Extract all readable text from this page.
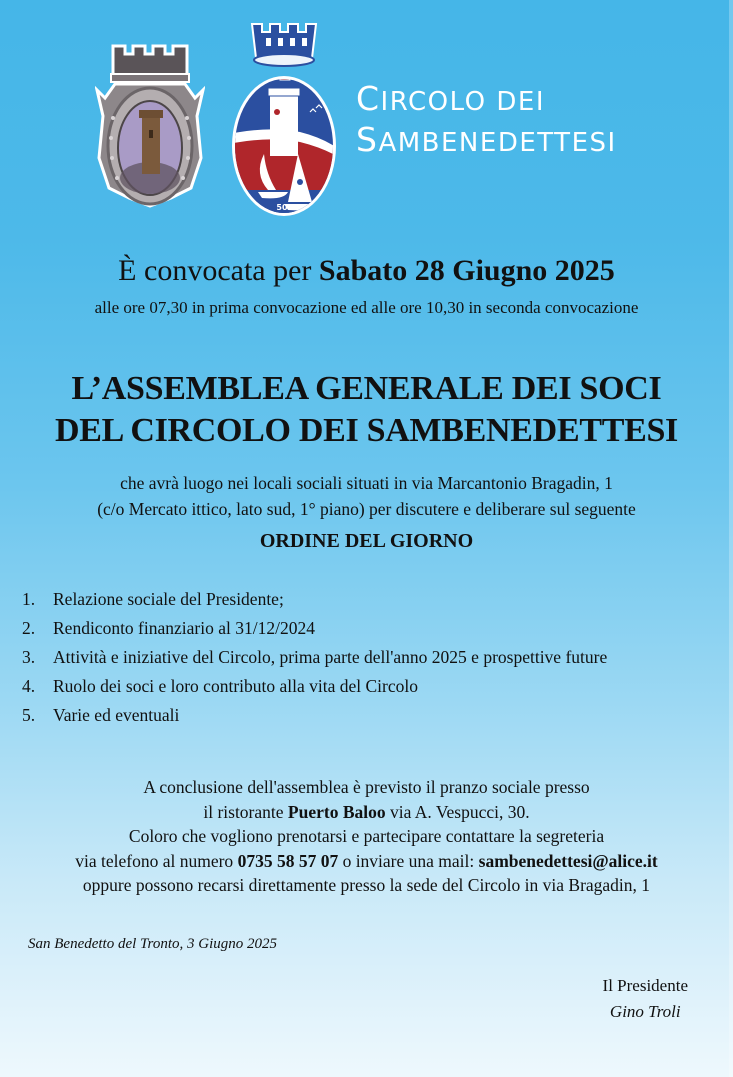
50°
CIRCOLO DEI
SAMBENEDETTESI
È convocata per Sabato 28 Giugno 2025
alle ore 07,30 in prima convocazione ed alle ore 10,30 in seconda convocazione
L’ASSEMBLEA GENERALE DEI SOCI
DEL CIRCOLO DEI SAMBENEDETTESI
che avrà luogo nei locali sociali situati in via Marcantonio Bragadin, 1
(c/o Mercato ittico, lato sud, 1° piano) per discutere e deliberare sul seguente
ORDINE DEL GIORNO
1. Relazione sociale del Presidente;
2. Rendiconto finanziario al 31/12/2024
3. Attività e iniziative del Circolo, prima parte dell'anno 2025 e prospettive future
4. Ruolo dei soci e loro contributo alla vita del Circolo
5. Varie ed eventuali
A conclusione dell'assemblea è previsto il pranzo sociale presso
il ristorante Puerto Baloo via A. Vespucci, 30.
Coloro che vogliono prenotarsi e partecipare contattare la segreteria
via telefono al numero 0735 58 57 07 o inviare una mail: sambenedettesi@alice.it
oppure possono recarsi direttamente presso la sede del Circolo in via Bragadin, 1
San Benedetto del Tronto, 3 Giugno 2025
Il Presidente
Gino Troli
